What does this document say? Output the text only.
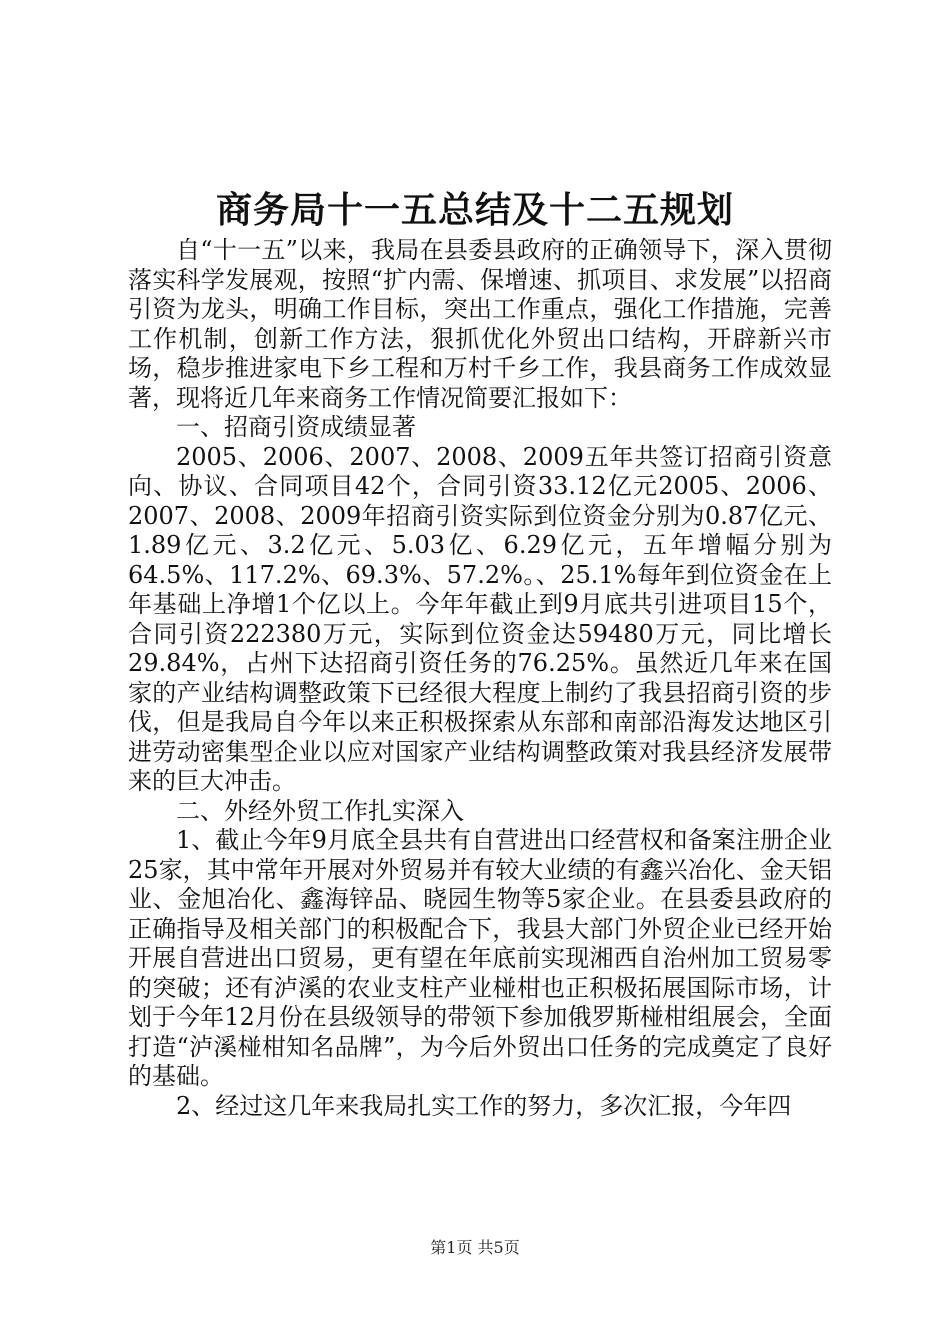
商务局十一五总结及十二五规划

自“十一五”以来，我局在县委县政府的正确领导下，深入贯彻落实科学发展观，按照“扩内需、保增速、抓项目、求发展”以招商引资为龙头，明确工作目标，突出工作重点，强化工作措施，完善工作机制，创新工作方法，狠抓优化外贸出口结构，开辟新兴市场，稳步推进家电下乡工程和万村千乡工作，我县商务工作成效显著，现将近几年来商务工作情况简要汇报如下：

一、招商引资成绩显著

2005、2006、2007、2008、2009五年共签订招商引资意向、协议、合同项目42个，合同引资33.12亿元2005、2006、2007、2008、2009年招商引资实际到位资金分别为0.87亿元、1.89亿元、3.2亿元、5.03亿、6.29亿元，五年增幅分别为64.5%、117.2%、69.3%、57.2%。、25.1%每年到位资金在上年基础上净增1个亿以上。今年年截止到9月底共引进项目15个，合同引资222380万元，实际到位资金达59480万元，同比增长29.84%，占州下达招商引资任务的76.25%。虽然近几年来在国家的产业结构调整政策下已经很大程度上制约了我县招商引资的步伐，但是我局自今年以来正积极探索从东部和南部沿海发达地区引进劳动密集型企业以应对国家产业结构调整政策对我县经济发展带来的巨大冲击。

二、外经外贸工作扎实深入

1、截止今年9月底全县共有自营进出口经营权和备案注册企业25家，其中常年开展对外贸易并有较大业绩的有鑫兴冶化、金天铝业、金旭冶化、鑫海锌品、晓园生物等5家企业。在县委县政府的正确指导及相关部门的积极配合下，我县大部门外贸企业已经开始开展自营进出口贸易，更有望在年底前实现湘西自治州加工贸易零的突破；还有泸溪的农业支柱产业椪柑也正积极拓展国际市场，计划于今年12月份在县级领导的带领下参加俄罗斯椪柑组展会，全面打造“泸溪椪柑知名品牌”，为今后外贸出口任务的完成奠定了良好的基础。

2、经过这几年来我局扎实工作的努力，多次汇报，今年四

第1页 共5页
